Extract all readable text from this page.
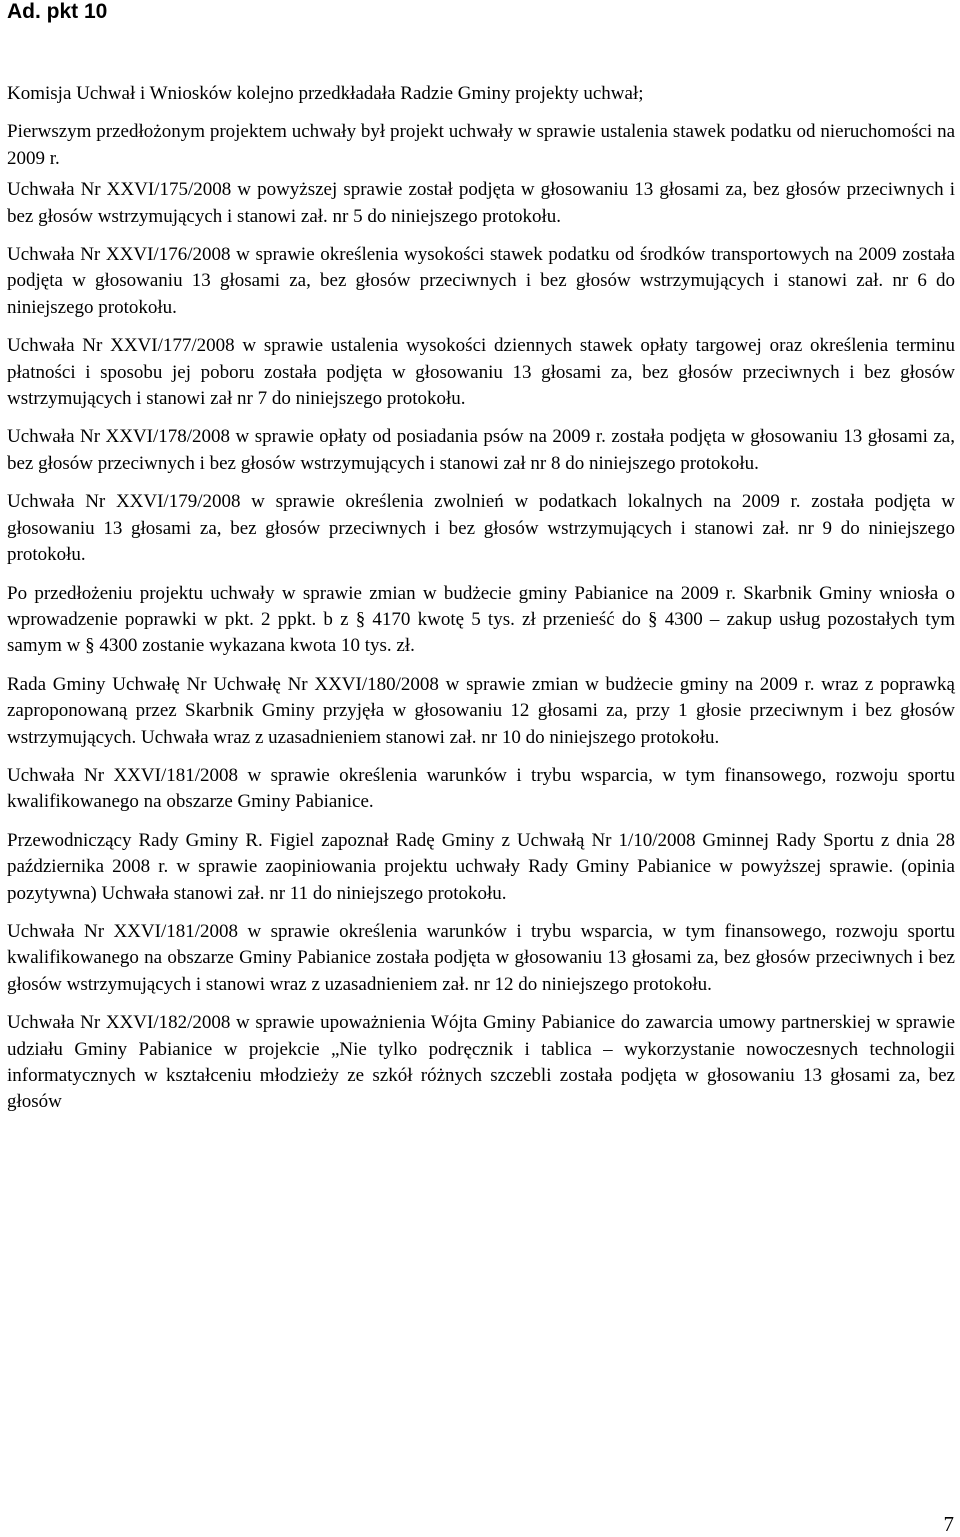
Ad. pkt 10

Komisja Uchwał i Wniosków kolejno przedkładała Radzie Gminy projekty uchwał;

Pierwszym przedłożonym projektem uchwały był projekt uchwały w sprawie ustalenia stawek podatku od nieruchomości na 2009 r.

Uchwała Nr XXVI/175/2008 w powyższej sprawie został podjęta w głosowaniu 13 głosami za, bez głosów przeciwnych i bez głosów wstrzymujących i stanowi zał. nr 5 do niniejszego protokołu.

Uchwała Nr XXVI/176/2008 w sprawie określenia wysokości stawek podatku od środków transportowych na 2009 została podjęta w głosowaniu 13 głosami za, bez głosów przeciwnych i bez głosów wstrzymujących i stanowi zał. nr 6 do niniejszego protokołu.

Uchwała Nr XXVI/177/2008 w sprawie ustalenia wysokości dziennych stawek opłaty targowej oraz określenia terminu płatności i sposobu jej poboru została podjęta w głosowaniu 13 głosami za, bez głosów przeciwnych i bez głosów wstrzymujących i stanowi zał nr 7 do niniejszego protokołu.

Uchwała Nr XXVI/178/2008 w sprawie opłaty od posiadania psów na 2009 r. została podjęta w głosowaniu 13 głosami za, bez głosów przeciwnych i bez głosów wstrzymujących i stanowi zał nr 8 do niniejszego protokołu.

Uchwała Nr XXVI/179/2008 w sprawie określenia zwolnień w podatkach lokalnych na 2009 r. została podjęta w głosowaniu 13 głosami za, bez głosów przeciwnych i bez głosów wstrzymujących i stanowi zał. nr 9 do niniejszego protokołu.

Po przedłożeniu projektu uchwały w sprawie zmian w budżecie gminy Pabianice na 2009 r. Skarbnik Gminy wniosła o wprowadzenie poprawki w pkt. 2 ppkt. b z § 4170 kwotę 5 tys. zł przenieść do § 4300 – zakup usług pozostałych tym samym w § 4300 zostanie wykazana kwota 10 tys. zł.

Rada Gminy Uchwałę Nr Uchwałę Nr XXVI/180/2008 w sprawie zmian w budżecie gminy na 2009 r. wraz z poprawką zaproponowaną przez Skarbnik Gminy przyjęła w głosowaniu 12 głosami za, przy 1 głosie przeciwnym i bez głosów wstrzymujących. Uchwała wraz z uzasadnieniem stanowi zał. nr 10 do niniejszego protokołu.

Uchwała Nr XXVI/181/2008 w sprawie określenia warunków i trybu wsparcia, w tym finansowego, rozwoju sportu kwalifikowanego na obszarze Gminy Pabianice.

Przewodniczący Rady Gminy R. Figiel zapoznał Radę Gminy z Uchwałą Nr 1/10/2008 Gminnej Rady Sportu z dnia 28 października 2008 r. w sprawie zaopiniowania projektu uchwały Rady Gminy Pabianice w powyższej sprawie. (opinia pozytywna) Uchwała stanowi zał. nr 11 do niniejszego protokołu.

Uchwała Nr XXVI/181/2008 w sprawie określenia warunków i trybu wsparcia, w tym finansowego, rozwoju sportu kwalifikowanego na obszarze Gminy Pabianice została podjęta w głosowaniu 13 głosami za, bez głosów przeciwnych i bez głosów wstrzymujących i stanowi wraz z uzasadnieniem zał. nr 12 do niniejszego protokołu.

Uchwała Nr XXVI/182/2008 w sprawie upoważnienia Wójta Gminy Pabianice do zawarcia umowy partnerskiej w sprawie udziału Gminy Pabianice w projekcie „Nie tylko podręcznik i tablica – wykorzystanie nowoczesnych technologii informatycznych w kształceniu młodzieży ze szkół różnych szczebli została podjęta w głosowaniu 13 głosami za, bez głosów

7
